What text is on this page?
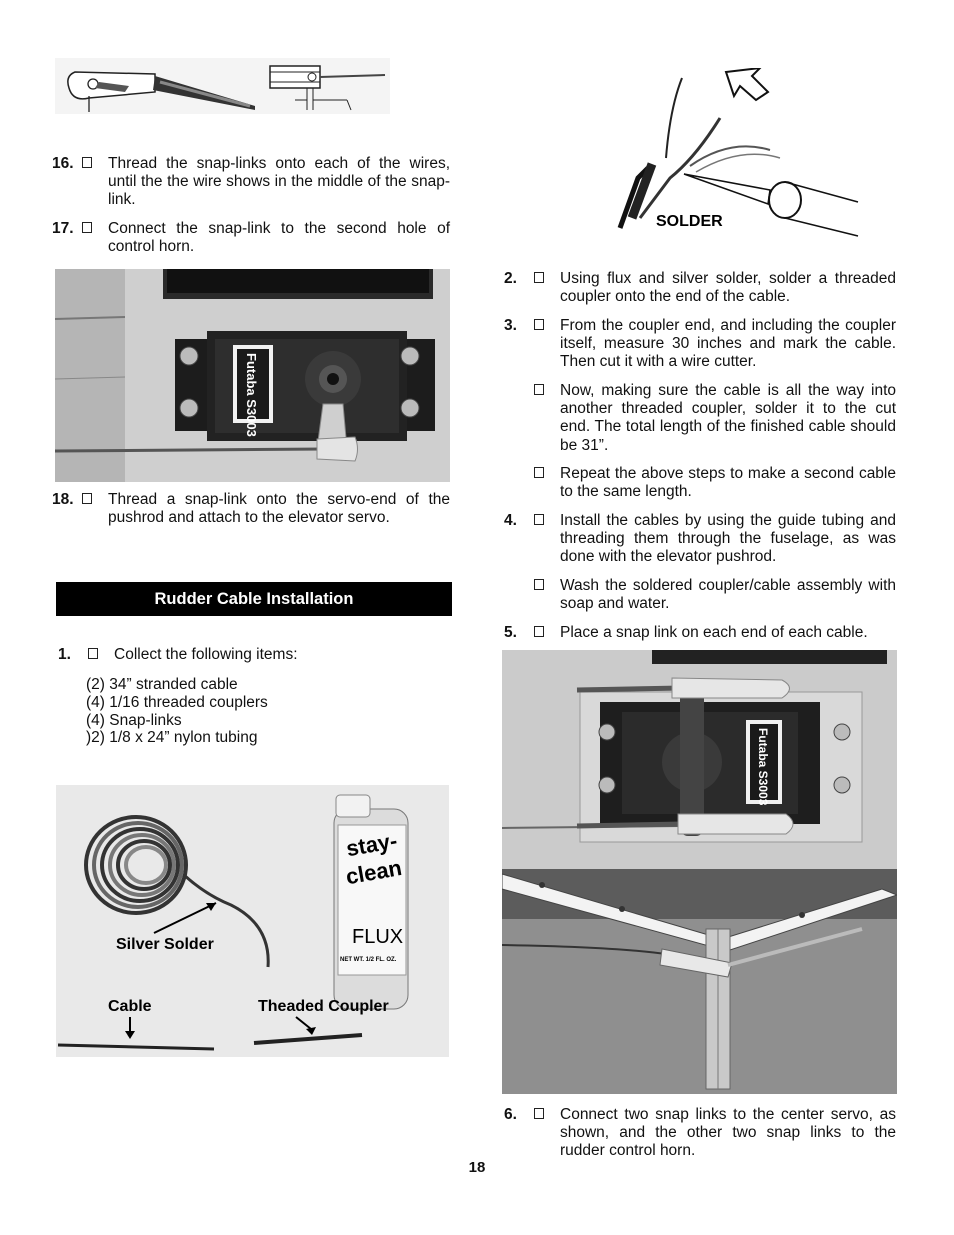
16. Thread the snap-links onto each of the wires, until the the wire shows in the middle of the snap-link.
17. Connect the snap-link to the second hole of control horn.
Futaba S3003
18. Thread a snap-link onto the servo-end of the pushrod and attach to the elevator servo.
Rudder Cable Installation
1.	Collect the following items:
(2) 34” stranded cable
(4) 1/16 threaded couplers
(4) Snap-links
)2) 1/8 x 24” nylon tubing
Silver Solder
stay-
clean
FLUX
NET WT. 1/2 FL. OZ.
Cable	Theaded Coupler
SOLDER
2.	Using flux and silver solder, solder a threaded coupler onto the end of the cable.
3.	From the coupler end, and including the coupler itself, measure 30 inches and mark the cable. Then cut it with a wire cutter.
Now, making sure the cable is all the way into another threaded coupler, solder it to the cut end. The total length of the finished cable should be 31”.
Repeat the above steps to make a second cable to the same length.
4.	Install the cables by using the guide tubing and threading them through the fuselage, as was done with the elevator pushrod.
Wash the soldered coupler/cable assembly with soap and water.
5.	Place a snap link on each end of each cable.
Futaba S3003
6.	Connect two snap links to the center servo, as shown, and the other two snap links to the rudder control horn.
18
